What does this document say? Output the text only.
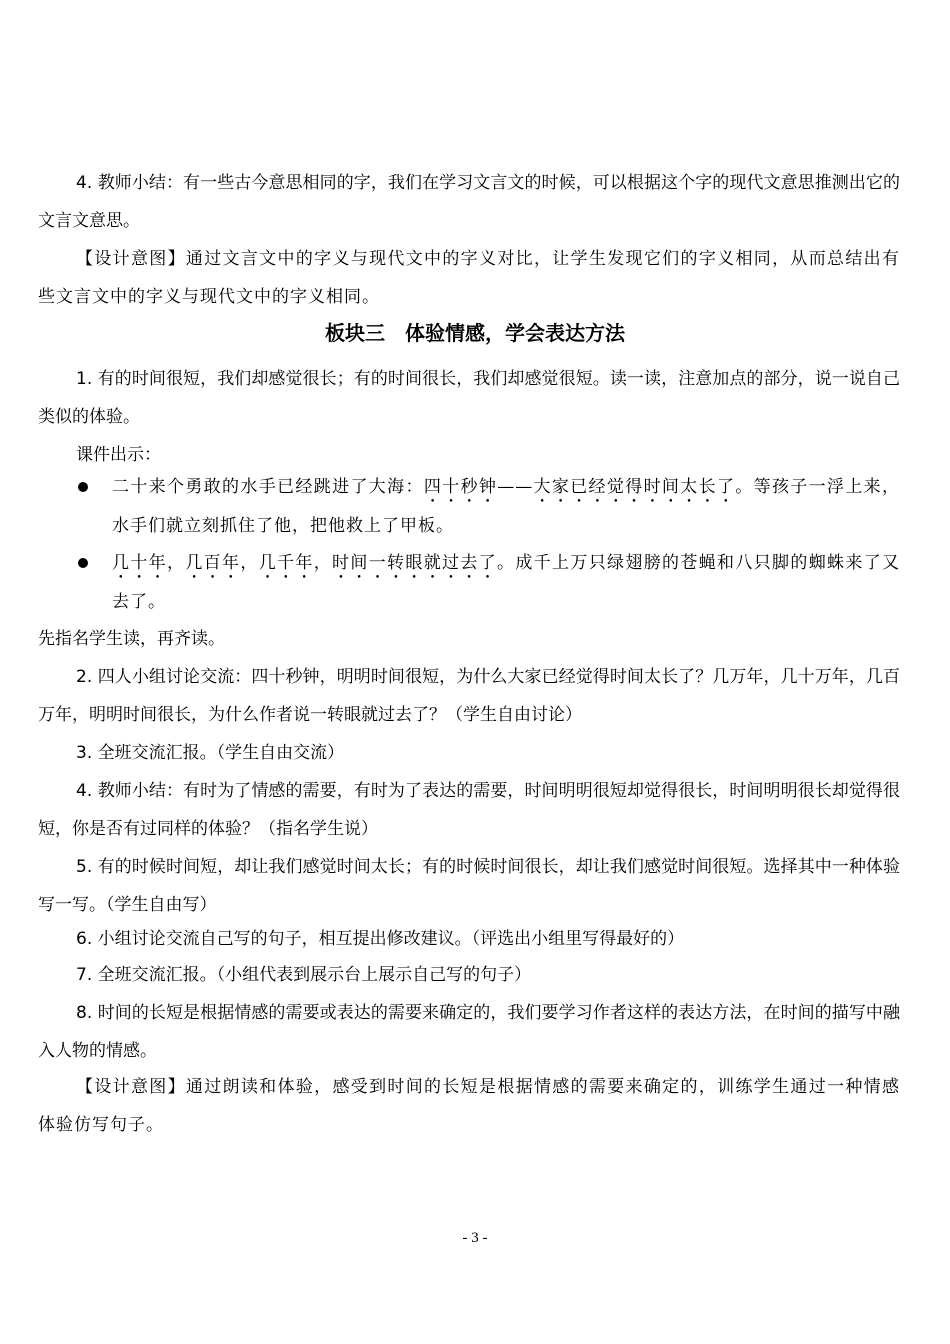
4. 教师小结：有一些古今意思相同的字，我们在学习文言文的时候，可以根据这个字的现代文意思推测出它的文言文意思。

【设计意图】通过文言文中的字义与现代文中的字义对比，让学生发现它们的字义相同，从而总结出有些文言文中的字义与现代文中的字义相同。

板块三　体验情感，学会表达方法

1. 有的时间很短，我们却感觉很长；有的时间很长，我们却感觉很短。读一读，注意加点的部分，说一说自己类似的体验。

课件出示：

二十来个勇敢的水手已经跳进了大海：四十秒钟——大家已经觉得时间太长了。等孩子一浮上来，水手们就立刻抓住了他，把他救上了甲板。
几十年，几百年，几千年，时间一转眼就过去了。成千上万只绿翅膀的苍蝇和八只脚的蜘蛛来了又去了。

先指名学生读，再齐读。

2. 四人小组讨论交流：四十秒钟，明明时间很短，为什么大家已经觉得时间太长了？几万年，几十万年，几百万年，明明时间很长，为什么作者说一转眼就过去了？（学生自由讨论）

3. 全班交流汇报。（学生自由交流）

4. 教师小结：有时为了情感的需要，有时为了表达的需要，时间明明很短却觉得很长，时间明明很长却觉得很短，你是否有过同样的体验？（指名学生说）

5. 有的时候时间短，却让我们感觉时间太长；有的时候时间很长，却让我们感觉时间很短。选择其中一种体验写一写。（学生自由写）

6. 小组讨论交流自己写的句子，相互提出修改建议。（评选出小组里写得最好的）

7. 全班交流汇报。（小组代表到展示台上展示自己写的句子）

8. 时间的长短是根据情感的需要或表达的需要来确定的，我们要学习作者这样的表达方法，在时间的描写中融入人物的情感。

【设计意图】通过朗读和体验，感受到时间的长短是根据情感的需要来确定的，训练学生通过一种情感体验仿写句子。

- 3 -
